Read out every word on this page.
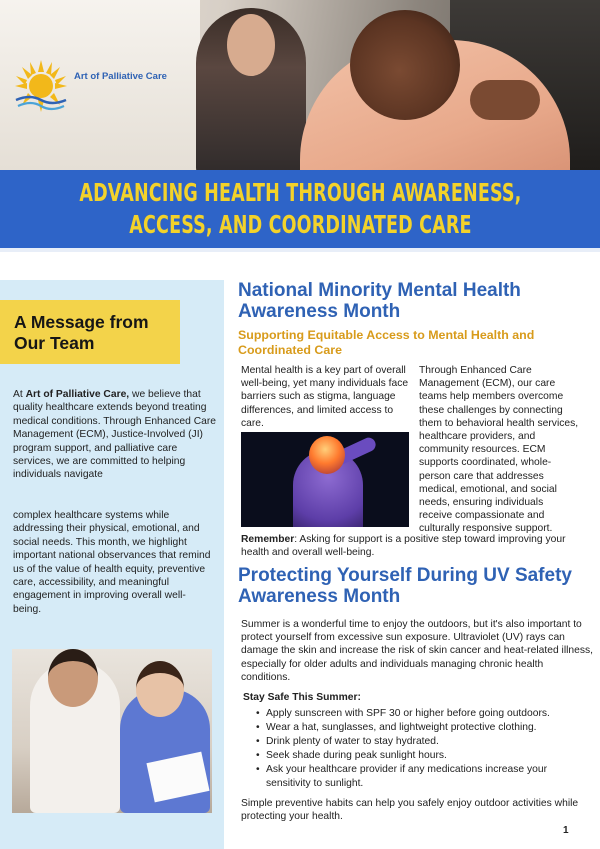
Art of Palliative Care
ADVANCING HEALTH THROUGH AWARENESS,
ACCESS, AND COORDINATED CARE
A Message from
Our Team

At Art of Palliative Care, we believe that quality healthcare extends beyond treating medical conditions. Through Enhanced Care Management (ECM), Justice-Involved (JI) program support, and palliative care services, we are committed to helping individuals navigate

complex healthcare systems while addressing their physical, emotional, and social needs. This month, we highlight important national observances that remind us of the value of health equity, preventive care, accessibility, and meaningful engagement in improving overall well-being.

National Minority Mental Health Awareness Month
Supporting Equitable Access to Mental Health and Coordinated Care

Mental health is a key part of overall well-being, yet many individuals face barriers such as stigma, language differences, and limited access to care.

Through Enhanced Care Management (ECM), our care teams help members overcome these challenges by connecting them to behavioral health services, healthcare providers, and community resources. ECM supports coordinated, whole-person care that addresses medical, emotional, and social needs, ensuring individuals receive compassionate and culturally responsive support.

Remember: Asking for support is a positive step toward improving your health and overall well-being.

Protecting Yourself During UV Safety Awareness Month

Summer is a wonderful time to enjoy the outdoors, but it's also important to protect yourself from excessive sun exposure. Ultraviolet (UV) rays can damage the skin and increase the risk of skin cancer and heat-related illness, especially for older adults and individuals managing chronic health conditions.

Stay Safe This Summer:
• Apply sunscreen with SPF 30 or higher before going outdoors.
• Wear a hat, sunglasses, and lightweight protective clothing.
• Drink plenty of water to stay hydrated.
• Seek shade during peak sunlight hours.
• Ask your healthcare provider if any medications increase your sensitivity to sunlight.

Simple preventive habits can help you safely enjoy outdoor activities while protecting your health.

1
